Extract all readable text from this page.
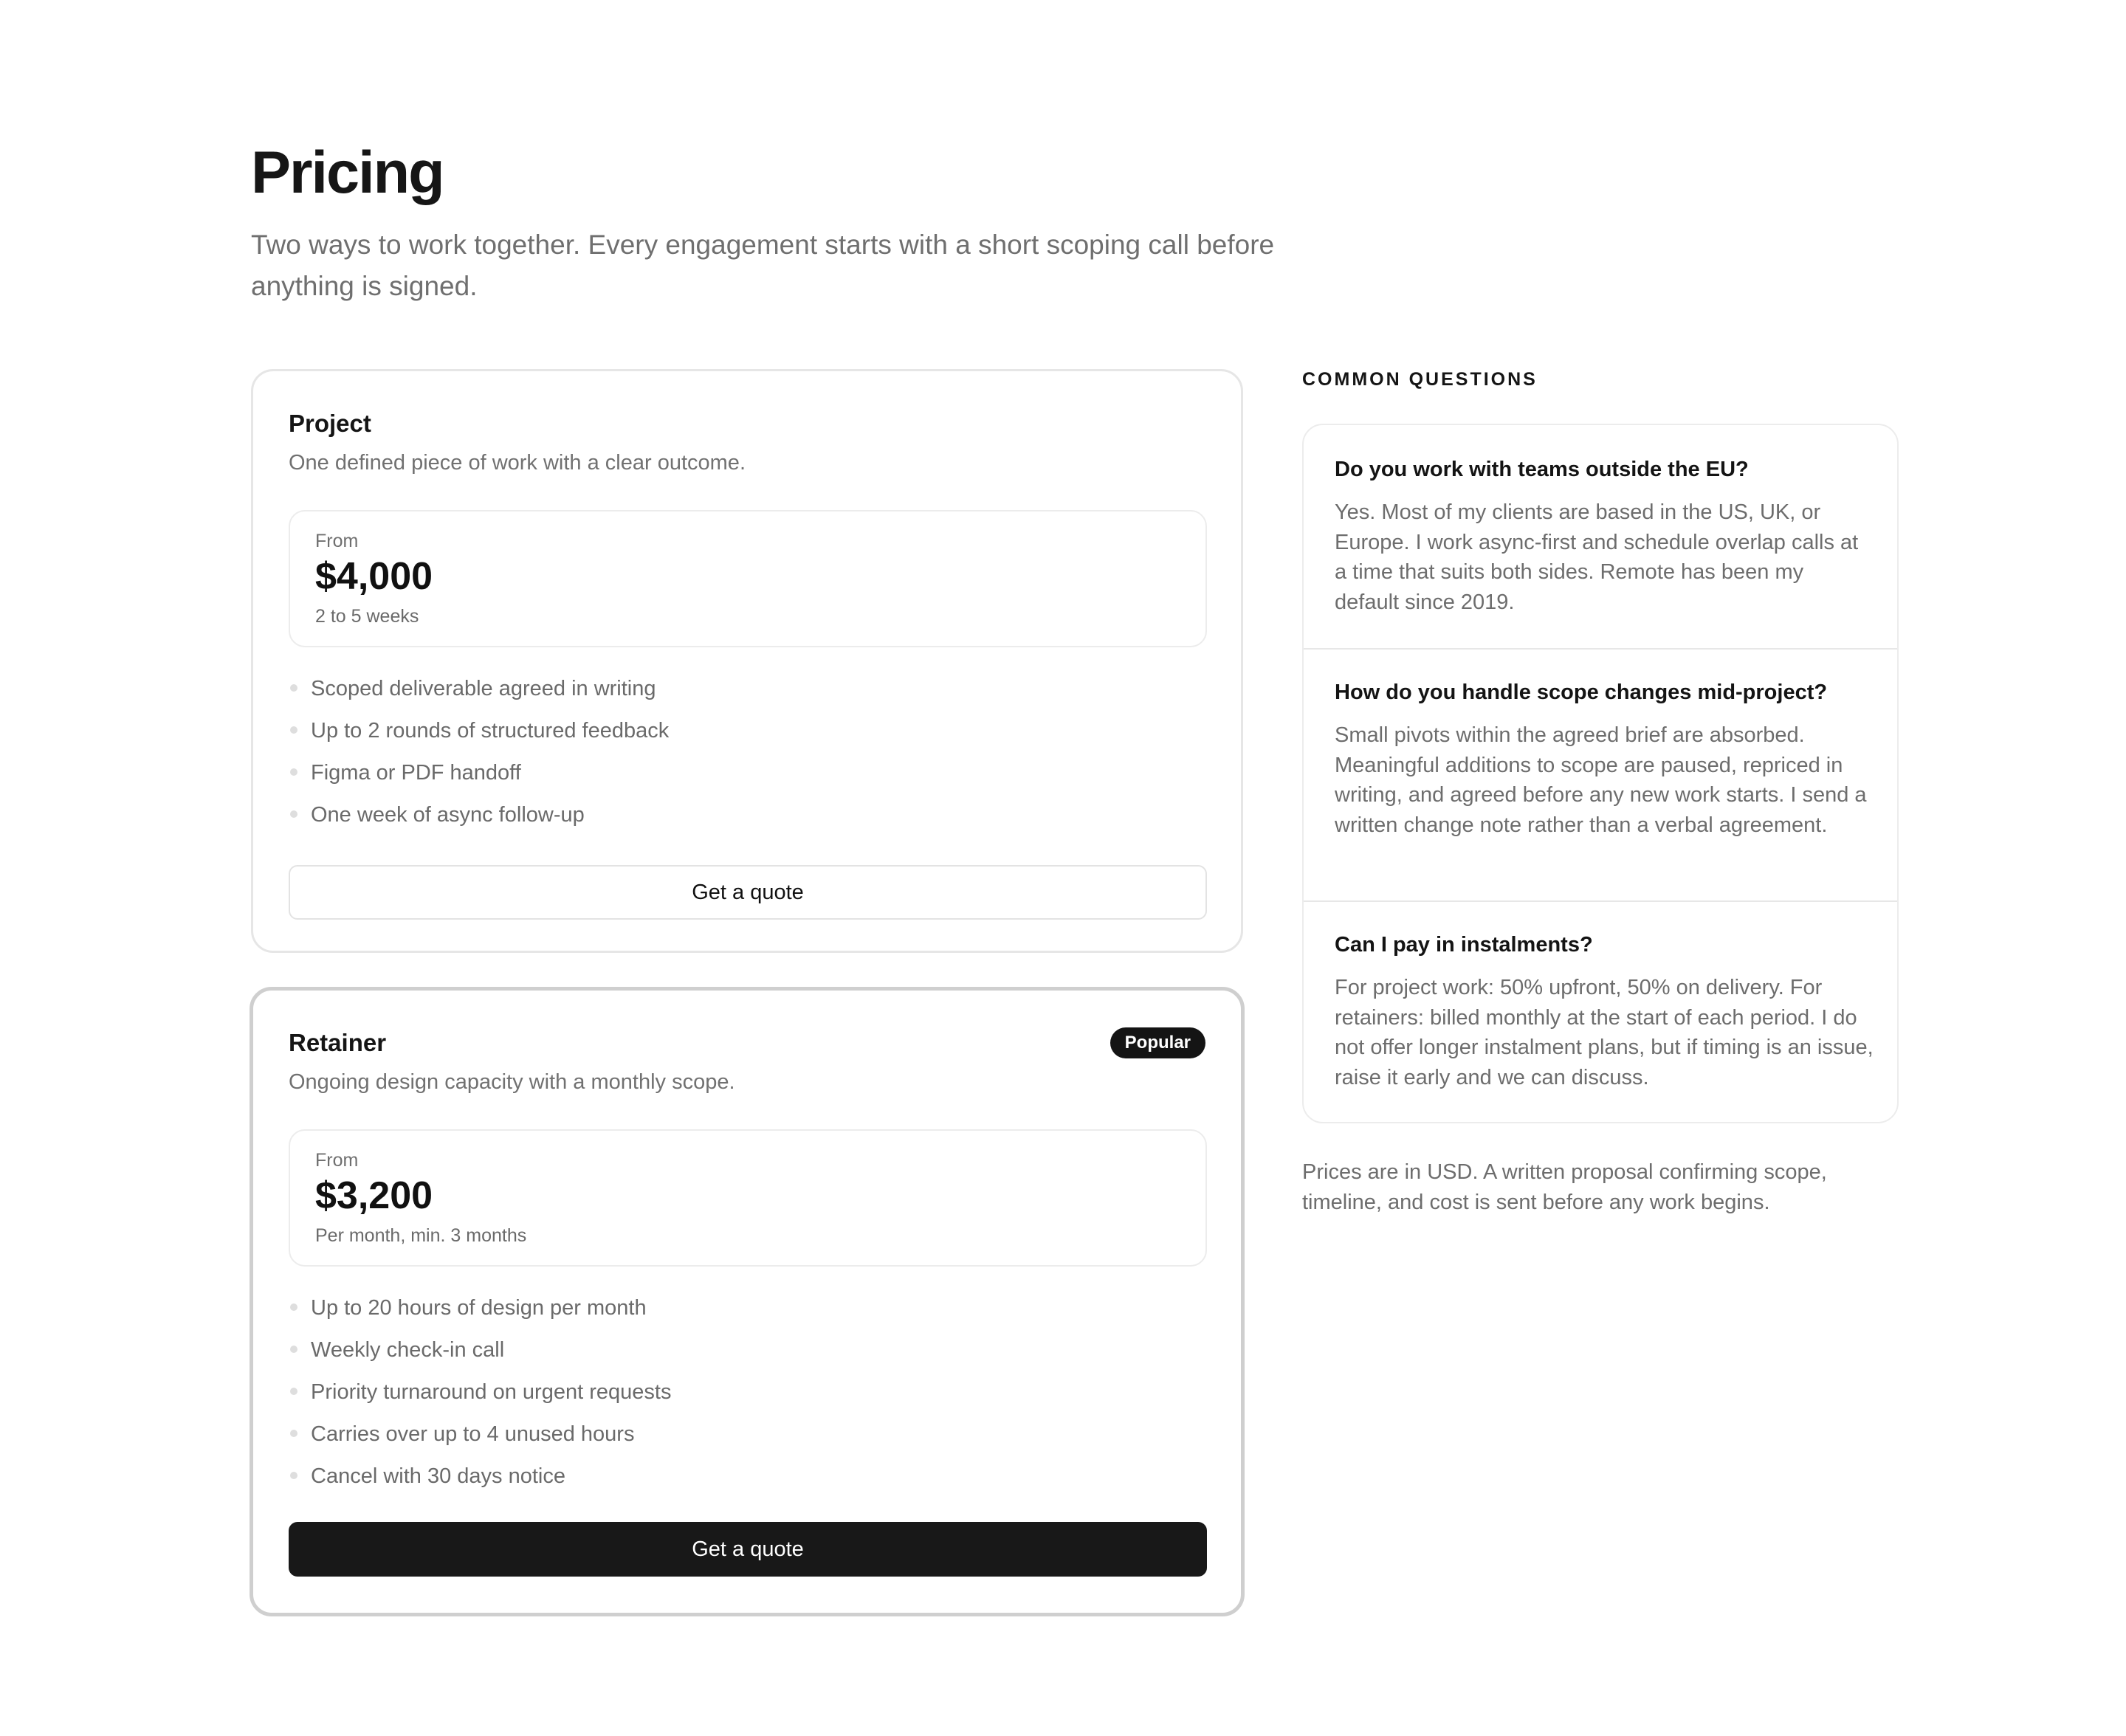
Pricing

Two ways to work together. Every engagement starts with a short scoping call before anything is signed.

Project
One defined piece of work with a clear outcome.
From
$4,000
2 to 5 weeks
Scoped deliverable agreed in writing
Up to 2 rounds of structured feedback
Figma or PDF handoff
One week of async follow-up
Get a quote
Retainer	Popular
Ongoing design capacity with a monthly scope.
From
$3,200
Per month, min. 3 months
Up to 20 hours of design per month
Weekly check-in call
Priority turnaround on urgent requests
Carries over up to 4 unused hours
Cancel with 30 days notice
Get a quote
COMMON QUESTIONS
Do you work with teams outside the EU?

Yes. Most of my clients are based in the US, UK, or Europe. I work async-first and schedule overlap calls at a time that suits both sides. Remote has been my default since 2019.

How do you handle scope changes mid-project?

Small pivots within the agreed brief are absorbed. Meaningful additions to scope are paused, repriced in writing, and agreed before any new work starts. I send a written change note rather than a verbal agreement.

Can I pay in instalments?

For project work: 50% upfront, 50% on delivery. For retainers: billed monthly at the start of each period. I do not offer longer instalment plans, but if timing is an issue, raise it early and we can discuss.

Prices are in USD. A written proposal confirming scope, timeline, and cost is sent before any work begins.
